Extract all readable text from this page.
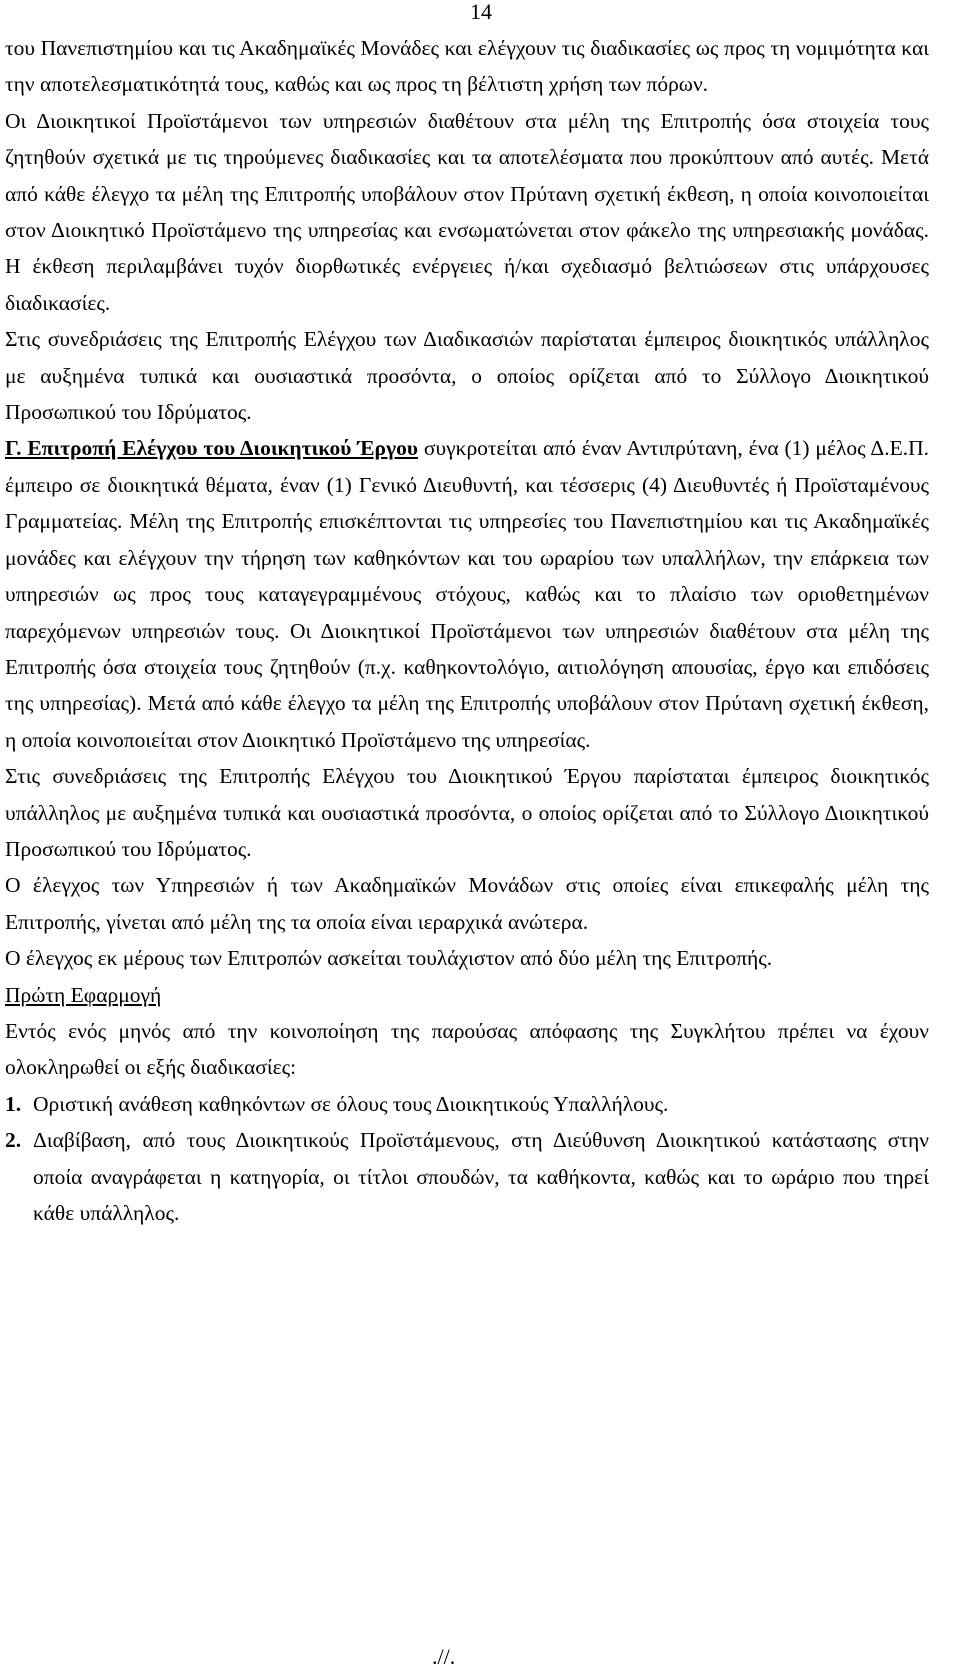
14

του Πανεπιστημίου και τις Ακαδημαϊκές Μονάδες και ελέγχουν τις διαδικασίες ως προς τη νομιμότητα και την αποτελεσματικότητά τους, καθώς και ως προς τη βέλτιστη χρήση των πόρων.

Οι Διοικητικοί Προϊστάμενοι των υπηρεσιών διαθέτουν στα μέλη της Επιτροπής όσα στοιχεία τους ζητηθούν σχετικά με τις τηρούμενες διαδικασίες και τα αποτελέσματα που προκύπτουν από αυτές. Μετά από κάθε έλεγχο τα μέλη της Επιτροπής υποβάλουν στον Πρύτανη σχετική έκθεση, η οποία κοινοποιείται στον Διοικητικό Προϊστάμενο της υπηρεσίας και ενσωματώνεται στον φάκελο της υπηρεσιακής μονάδας. Η έκθεση περιλαμβάνει τυχόν διορθωτικές ενέργειες ή/και σχεδιασμό βελτιώσεων στις υπάρχουσες διαδικασίες.

Στις συνεδριάσεις της Επιτροπής Ελέγχου των Διαδικασιών παρίσταται έμπειρος διοικητικός υπάλληλος με αυξημένα τυπικά και ουσιαστικά προσόντα, ο οποίος ορίζεται από το Σύλλογο Διοικητικού Προσωπικού του Ιδρύματος.

Γ. Επιτροπή Ελέγχου του Διοικητικού Έργου συγκροτείται από έναν Αντιπρύτανη, ένα (1) μέλος Δ.Ε.Π. έμπειρο σε διοικητικά θέματα, έναν (1) Γενικό Διευθυντή, και τέσσερις (4) Διευθυντές ή Προϊσταμένους Γραμματείας. Μέλη της Επιτροπής επισκέπτονται τις υπηρεσίες του Πανεπιστημίου και τις Ακαδημαϊκές μονάδες και ελέγχουν την τήρηση των καθηκόντων και του ωραρίου των υπαλλήλων, την επάρκεια των υπηρεσιών ως προς τους καταγεγραμμένους στόχους, καθώς και το πλαίσιο των οριοθετημένων παρεχόμενων υπηρεσιών τους. Οι Διοικητικοί Προϊστάμενοι των υπηρεσιών διαθέτουν στα μέλη της Επιτροπής όσα στοιχεία τους ζητηθούν (π.χ. καθηκοντολόγιο, αιτιολόγηση απουσίας, έργο και επιδόσεις της υπηρεσίας). Μετά από κάθε έλεγχο τα μέλη της Επιτροπής υποβάλουν στον Πρύτανη σχετική έκθεση, η οποία κοινοποιείται στον Διοικητικό Προϊστάμενο της υπηρεσίας.

Στις συνεδριάσεις της Επιτροπής Ελέγχου του Διοικητικού Έργου παρίσταται έμπειρος διοικητικός υπάλληλος με αυξημένα τυπικά και ουσιαστικά προσόντα, ο οποίος ορίζεται από το Σύλλογο Διοικητικού Προσωπικού του Ιδρύματος.

Ο έλεγχος των Υπηρεσιών ή των Ακαδημαϊκών Μονάδων στις οποίες είναι επικεφαλής μέλη της Επιτροπής, γίνεται από μέλη της τα οποία είναι ιεραρχικά ανώτερα.

Ο έλεγχος εκ μέρους των Επιτροπών ασκείται τουλάχιστον από δύο μέλη της Επιτροπής.

Πρώτη Εφαρμογή

Εντός ενός μηνός από την κοινοποίηση της παρούσας απόφασης της Συγκλήτου πρέπει να έχουν ολοκληρωθεί οι εξής διαδικασίες:

1. Οριστική ανάθεση καθηκόντων σε όλους τους Διοικητικούς Υπαλλήλους.
2. Διαβίβαση, από τους Διοικητικούς Προϊστάμενους, στη Διεύθυνση Διοικητικού κατάστασης στην οποία αναγράφεται η κατηγορία, οι τίτλοι σπουδών, τα καθήκοντα, καθώς και το ωράριο που τηρεί κάθε υπάλληλος.
.//.
